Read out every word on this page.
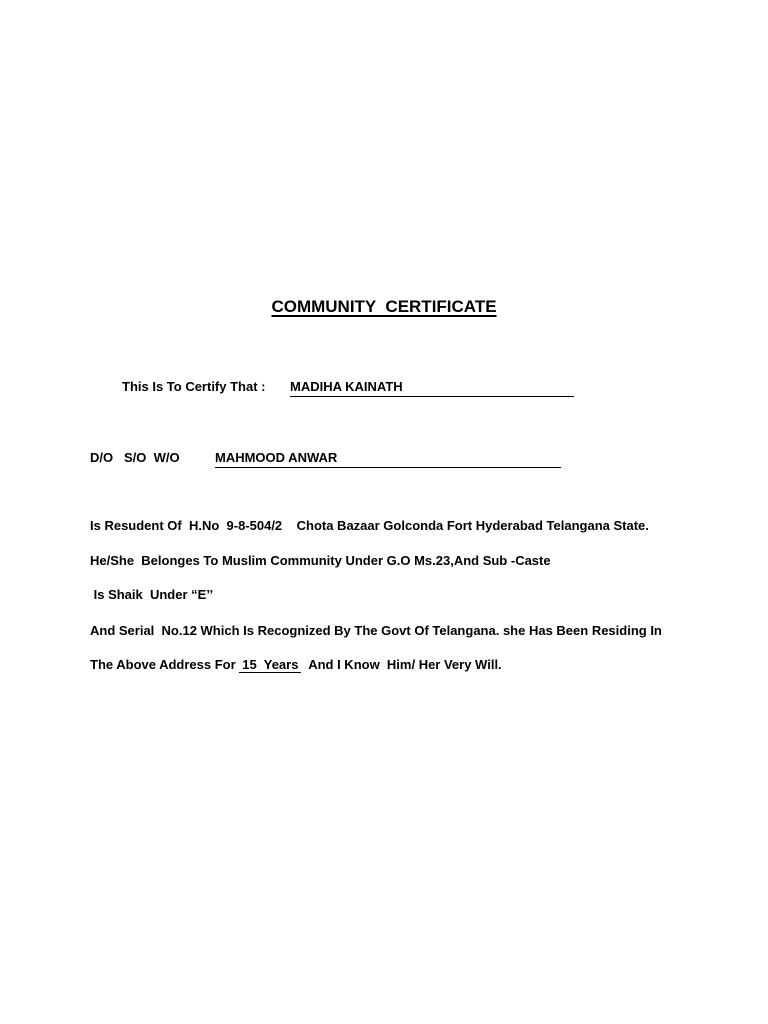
COMMUNITY  CERTIFICATE
This Is To Certify That : MADIHA KAINATH
D/O   S/O  W/O	MAHMOOD ANWAR
Is Resudent Of  H.No  9-8-504/2    Chota Bazaar Golconda Fort Hyderabad Telangana State.
He/She  Belonges To Muslim Community Under G.O Ms.23,And Sub -Caste
Is Shaik  Under “E’’
And Serial  No.12 Which Is Recognized By The Govt Of Telangana. she Has Been Residing In
The Above Address For 15  Years  And I Know  Him/ Her Very Will.
